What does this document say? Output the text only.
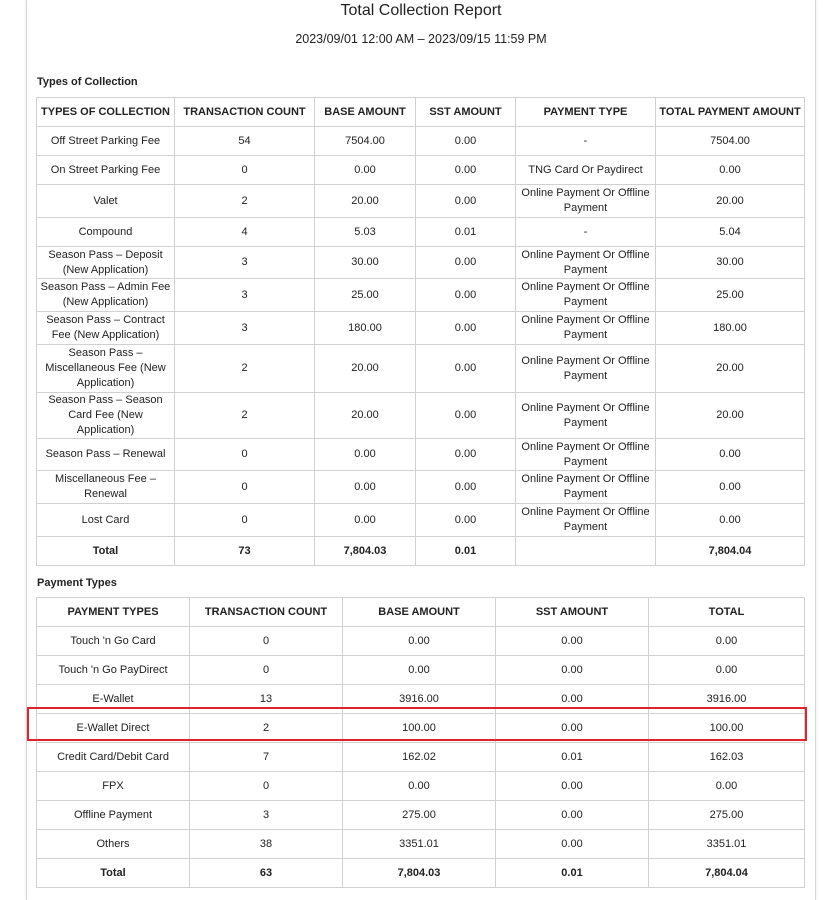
Total Collection Report
2023/09/01 12:00 AM – 2023/09/15 11:59 PM
Types of Collection
TYPES OF COLLECTION	TRANSACTION COUNT	BASE AMOUNT	SST AMOUNT	PAYMENT TYPE	TOTAL PAYMENT AMOUNT
Off Street Parking Fee	54	7504.00	0.00	-	7504.00
On Street Parking Fee	0	0.00	0.00	TNG Card Or Paydirect	0.00
Valet	2	20.00	0.00	Online Payment Or Offline Payment	20.00
Compound	4	5.03	0.01	-	5.04
Season Pass – Deposit (New Application)	3	30.00	0.00	Online Payment Or Offline Payment	30.00
Season Pass – Admin Fee (New Application)	3	25.00	0.00	Online Payment Or Offline Payment	25.00
Season Pass – Contract Fee (New Application)	3	180.00	0.00	Online Payment Or Offline Payment	180.00
Season Pass – Miscellaneous Fee (New Application)	2	20.00	0.00	Online Payment Or Offline Payment	20.00
Season Pass – Season Card Fee (New Application)	2	20.00	0.00	Online Payment Or Offline Payment	20.00
Season Pass – Renewal	0	0.00	0.00	Online Payment Or Offline Payment	0.00
Miscellaneous Fee – Renewal	0	0.00	0.00	Online Payment Or Offline Payment	0.00
Lost Card	0	0.00	0.00	Online Payment Or Offline Payment	0.00
Total	73	7,804.03	0.01		7,804.04
Payment Types
PAYMENT TYPES	TRANSACTION COUNT	BASE AMOUNT	SST AMOUNT	TOTAL
Touch 'n Go Card	0	0.00	0.00	0.00
Touch 'n Go PayDirect	0	0.00	0.00	0.00
E-Wallet	13	3916.00	0.00	3916.00
E-Wallet Direct	2	100.00	0.00	100.00
Credit Card/Debit Card	7	162.02	0.01	162.03
FPX	0	0.00	0.00	0.00
Offline Payment	3	275.00	0.00	275.00
Others	38	3351.01	0.00	3351.01
Total	63	7,804.03	0.01	7,804.04
